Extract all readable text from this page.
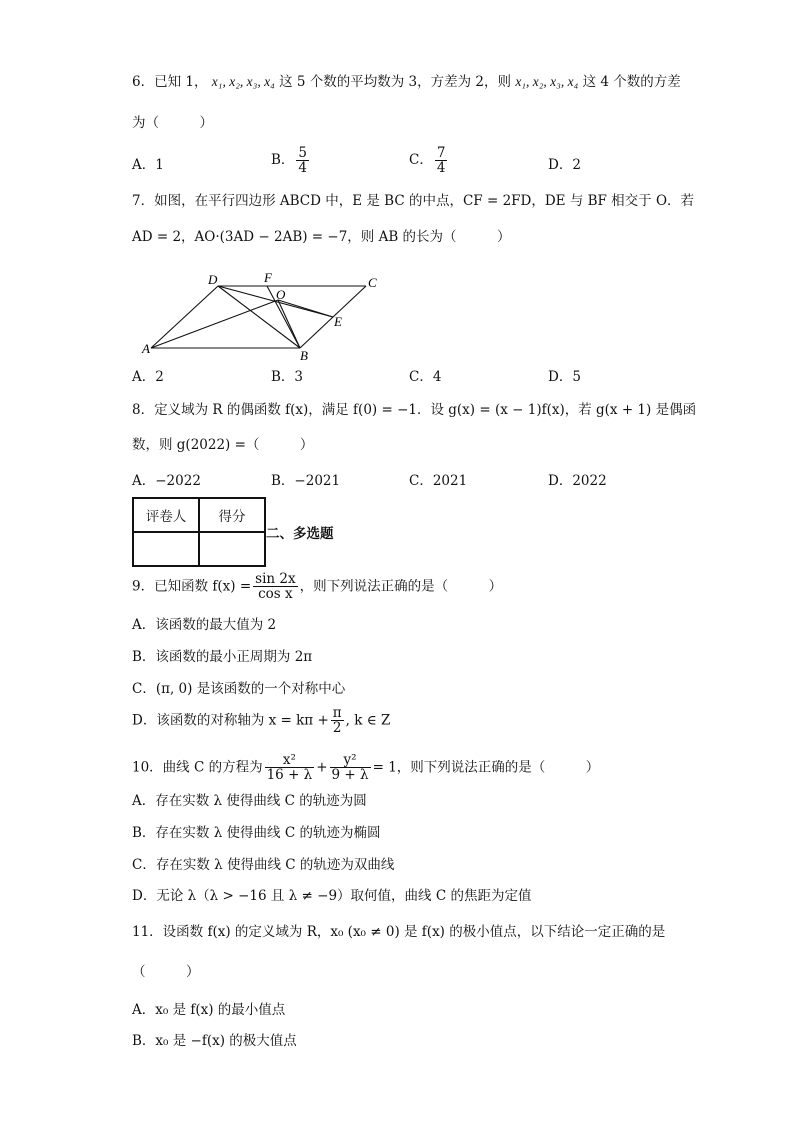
6．已知 1， x₁, x₂, x₃, x₄ 这 5 个数的平均数为 3，方差为 2，则 x₁, x₂, x₃, x₄ 这 4 个数的方差
为（　　　）
A．1	B． $\frac{5}{4}$	C． $\frac{7}{4}$	D．2
7．如图，在平行四边形 ABCD 中，E 是 BC 的中点，CF = 2FD，DE 与 BF 相交于 O．若
AD = 2，AO·(3AD − 2AB) = −7，则 AB 的长为（　　　）
D	F
O
C
E
A	B
A．2	B．3	C．4	D．5
8．定义域为 R 的偶函数 f(x)，满足 f(0) = −1．设 g(x) = (x − 1)f(x)，若 g(x + 1) 是偶函
数，则 g(2022) =（　　　）
A．−2022	B．−2021	C．2021	D．2022
评卷人	得分

二、多选题
9．已知函数 $f(x) = \frac{\sin 2x}{\text{cos x}}$ ，则下列说法正确的是（　　　）
A．该函数的最大值为 2
B．该函数的最小正周期为 2π
C．(π, 0) 是该函数的一个对称中心
D．该函数的对称轴为 $x = k\pi + \frac{\pi}{2}$ , k ∈ Z
10．曲线 C 的方程为 $\frac{\text{x²}}{16 + \lambda} + \frac{\text{y²}}{9 + \lambda} = 1$，则下列说法正确的是（　　　）
A．存在实数 λ 使得曲线 C 的轨迹为圆
B．存在实数 λ 使得曲线 C 的轨迹为椭圆
C．存在实数 λ 使得曲线 C 的轨迹为双曲线
D．无论 λ（λ > −16 且 λ ≠ −9）取何值，曲线 C 的焦距为定值
11．设函数 f(x) 的定义域为 R，x₀ (x₀ ≠ 0) 是 f(x) 的极小值点，以下结论一定正确的是
（　　　）
A．x₀ 是 f(x) 的最小值点
B．x₀ 是 −f(x) 的极大值点
